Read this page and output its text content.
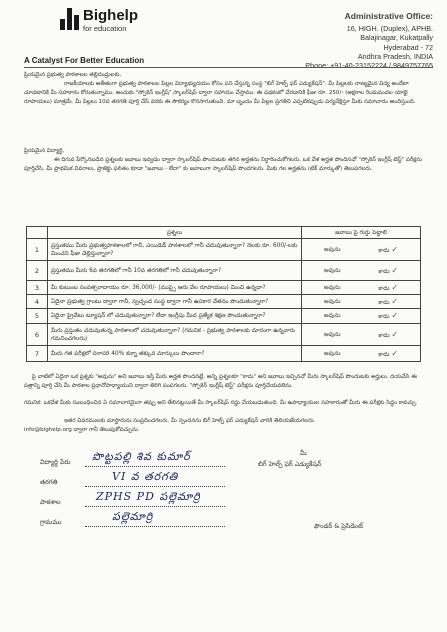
Bighelp
for education
A Catalyst For Better Education
Administrative Office:
16, HIGH. (Duplex), APHB.
Balajinagar, Kukatpally
Hyderabad - 72
Andhra Pradesh, INDIA
Phone: +91-40-23152224 / 9849757765
ప్రియమైన ప్రభుత్వ పాఠశాలల తల్లిదండ్రులకు,
రాజకీయాలకు అతీతంగా ప్రభుత్వ పాఠశాలల పిల్లల విద్యాభ్యుదయం కోసం పని చేస్తున్న సంస్థ "బిగ్ హెల్ప్ ఫర్ ఎడ్యుకేషన్". మీ పిల్లలకు నాణ్యమైన విద్య అందేలా చూడటానికి మీ సహకారం కోరుతున్నాము. అందుకు "స్పోకెన్ ఇంగ్లీష్" స్కాలర్‌షిప్ ద్వారా సహాయం చేస్తాము. ఈ పథకంలో చేరడానికి ఫీజు రూ. 250/- (అక్షరాల రెండువందల యాభై రూపాయలు) మాత్రమే. మీ పిల్లలు 10వ తరగతి పూర్తి చేసే వరకు ఈ సౌకర్యం కొనసాగుతుంది. మా బృందం మీ పిల్లల ప్రగతిని ఎప్పటికప్పుడు పర్యవేక్షిస్తూ మీకు సమాచారం అందిస్తుంది.
ప్రియమైన విద్యార్థి,
ఈ దిగువ పేర్కొనబడిన ప్రశ్నలకు జవాబు ఇవ్వడం ద్వారా స్కాలర్‌షిప్ పొందుటకు తగిన అర్హతను నిర్ధారించుకోగలరు. ఒక వేళ అర్హత పొందినచో "స్పోకెన్ ఇంగ్లీష్ టెస్ట్" పరీక్షను పూర్తిచేసి, మీ ప్రాథమిక వివరాలు, ప్రాజెక్టు ఫలితం కూడా "జవాబు - లేదా" కు జవాబుగా స్కాలర్‌షిప్ పొందగలరు. మీకు గల అర్హతను (టిక్ మార్కుతో) తెలుపగలరు.
	ప్రశ్నలు	జవాబు పై గుర్తు పెట్టాలి
1	ప్రస్తుతము మీరు ప్రభుత్వపాఠశాలలో గానీ, ఎయిడెడ్ పాఠశాలలో గానీ చదువుతున్నారా? నెలకు రూ. 600/-లకు మించని ఫీజు చెల్లిస్తున్నారా?	అవును కాదు ✓

2	ప్రస్తుతము మీరు 6వ తరగతిలో గానీ 10వ తరగతిలో గానీ చదువుతున్నారా?	అవును కాదు ✓

3	మీ కుటుంబ సంవత్సరాదాయం రూ. 36,000/- (ముప్పై ఆరు వేల రూపాయలు) మించి ఉన్నదా?	అవును కాదు ✓

4	ఏదైనా ప్రభుత్వ గ్రాంటు ద్వారా గానీ, స్వచ్ఛంద సంస్థ ద్వారా గానీ ఉపకార వేతనం పొందుతున్నారా?	అవును కాదు ✓

5	ఏదైనా ప్రైవేటు ట్యూషన్ లో చదువుతున్నారా? లేదా ఇంగ్లీషు మీద ప్రత్యేక శిక్షణ పొందుతున్నారా?	అవును కాదు ✓

6	మీరు ప్రస్తుతం చదువుతున్న పాఠశాలలో చదువుతున్నారా? (గమనిక - ప్రభుత్వ పాఠశాలకు దూరంగా ఉన్నవారు గమనించగలరు)	అవును కాదు ✓

7	మీరు గత పరీక్షలో సరాసరి 40% కన్నా తక్కువ మార్కులు పొందారా?	అవును కాదు ✓
పై వాటిలో ఏదైనా ఒక ప్రశ్నకు "అవును" అని జవాబు ఇస్తే మీరు అర్హత పొందనట్లే. అన్ని ప్రశ్నలకూ "కాదు" అని జవాబు ఇచ్చినచో మీరు స్కాలర్‌షిప్ పొందుటకు అర్హులు. దయచేసి ఈ పత్రాన్ని పూర్తి చేసి మీ పాఠశాల ప్రధానోపాధ్యాయుని ద్వారా తిరిగి పంపగలరు. "స్పోకెన్ ఇంగ్లీష్ టెస్ట్" పరీక్షను పూర్తిచేయవలెను.
గమనిక: ఒకవేళ మీకు సంబంధించిన ఏ సమాచారమైనా తప్పు అని తేలినట్లయితే మీ స్కాలర్‌షిప్ రద్దు చేయబడుతుంది. మీ ఉపాధ్యాయుల సహకారంతో మీరు ఈ పరీక్షకు సిద్ధం కావచ్చు.
ఇతర వివరములకు మాస్టారును సంప్రదించగలరు. మీ స్పందనను బిగ్ హెల్ప్ ఫర్ ఎడ్యుకేషన్ వారికి తెలియజేయగలరు.
info@bighelp.org ద్వారా గానీ తెలుపుకోవచ్చును.
విద్యార్థి పేరు పొట్టపల్లి శివ కుమార్	మీ
బిగ్ హెల్ప్ ఫర్ ఎడ్యుకేషన్
తరగతి	VI వ తరగతి
పాఠశాల	ZPHS PD పల్లెమార్రి
గ్రామము	పల్లెమార్రి
ఫౌండర్ & ప్రెసిడెంట్
